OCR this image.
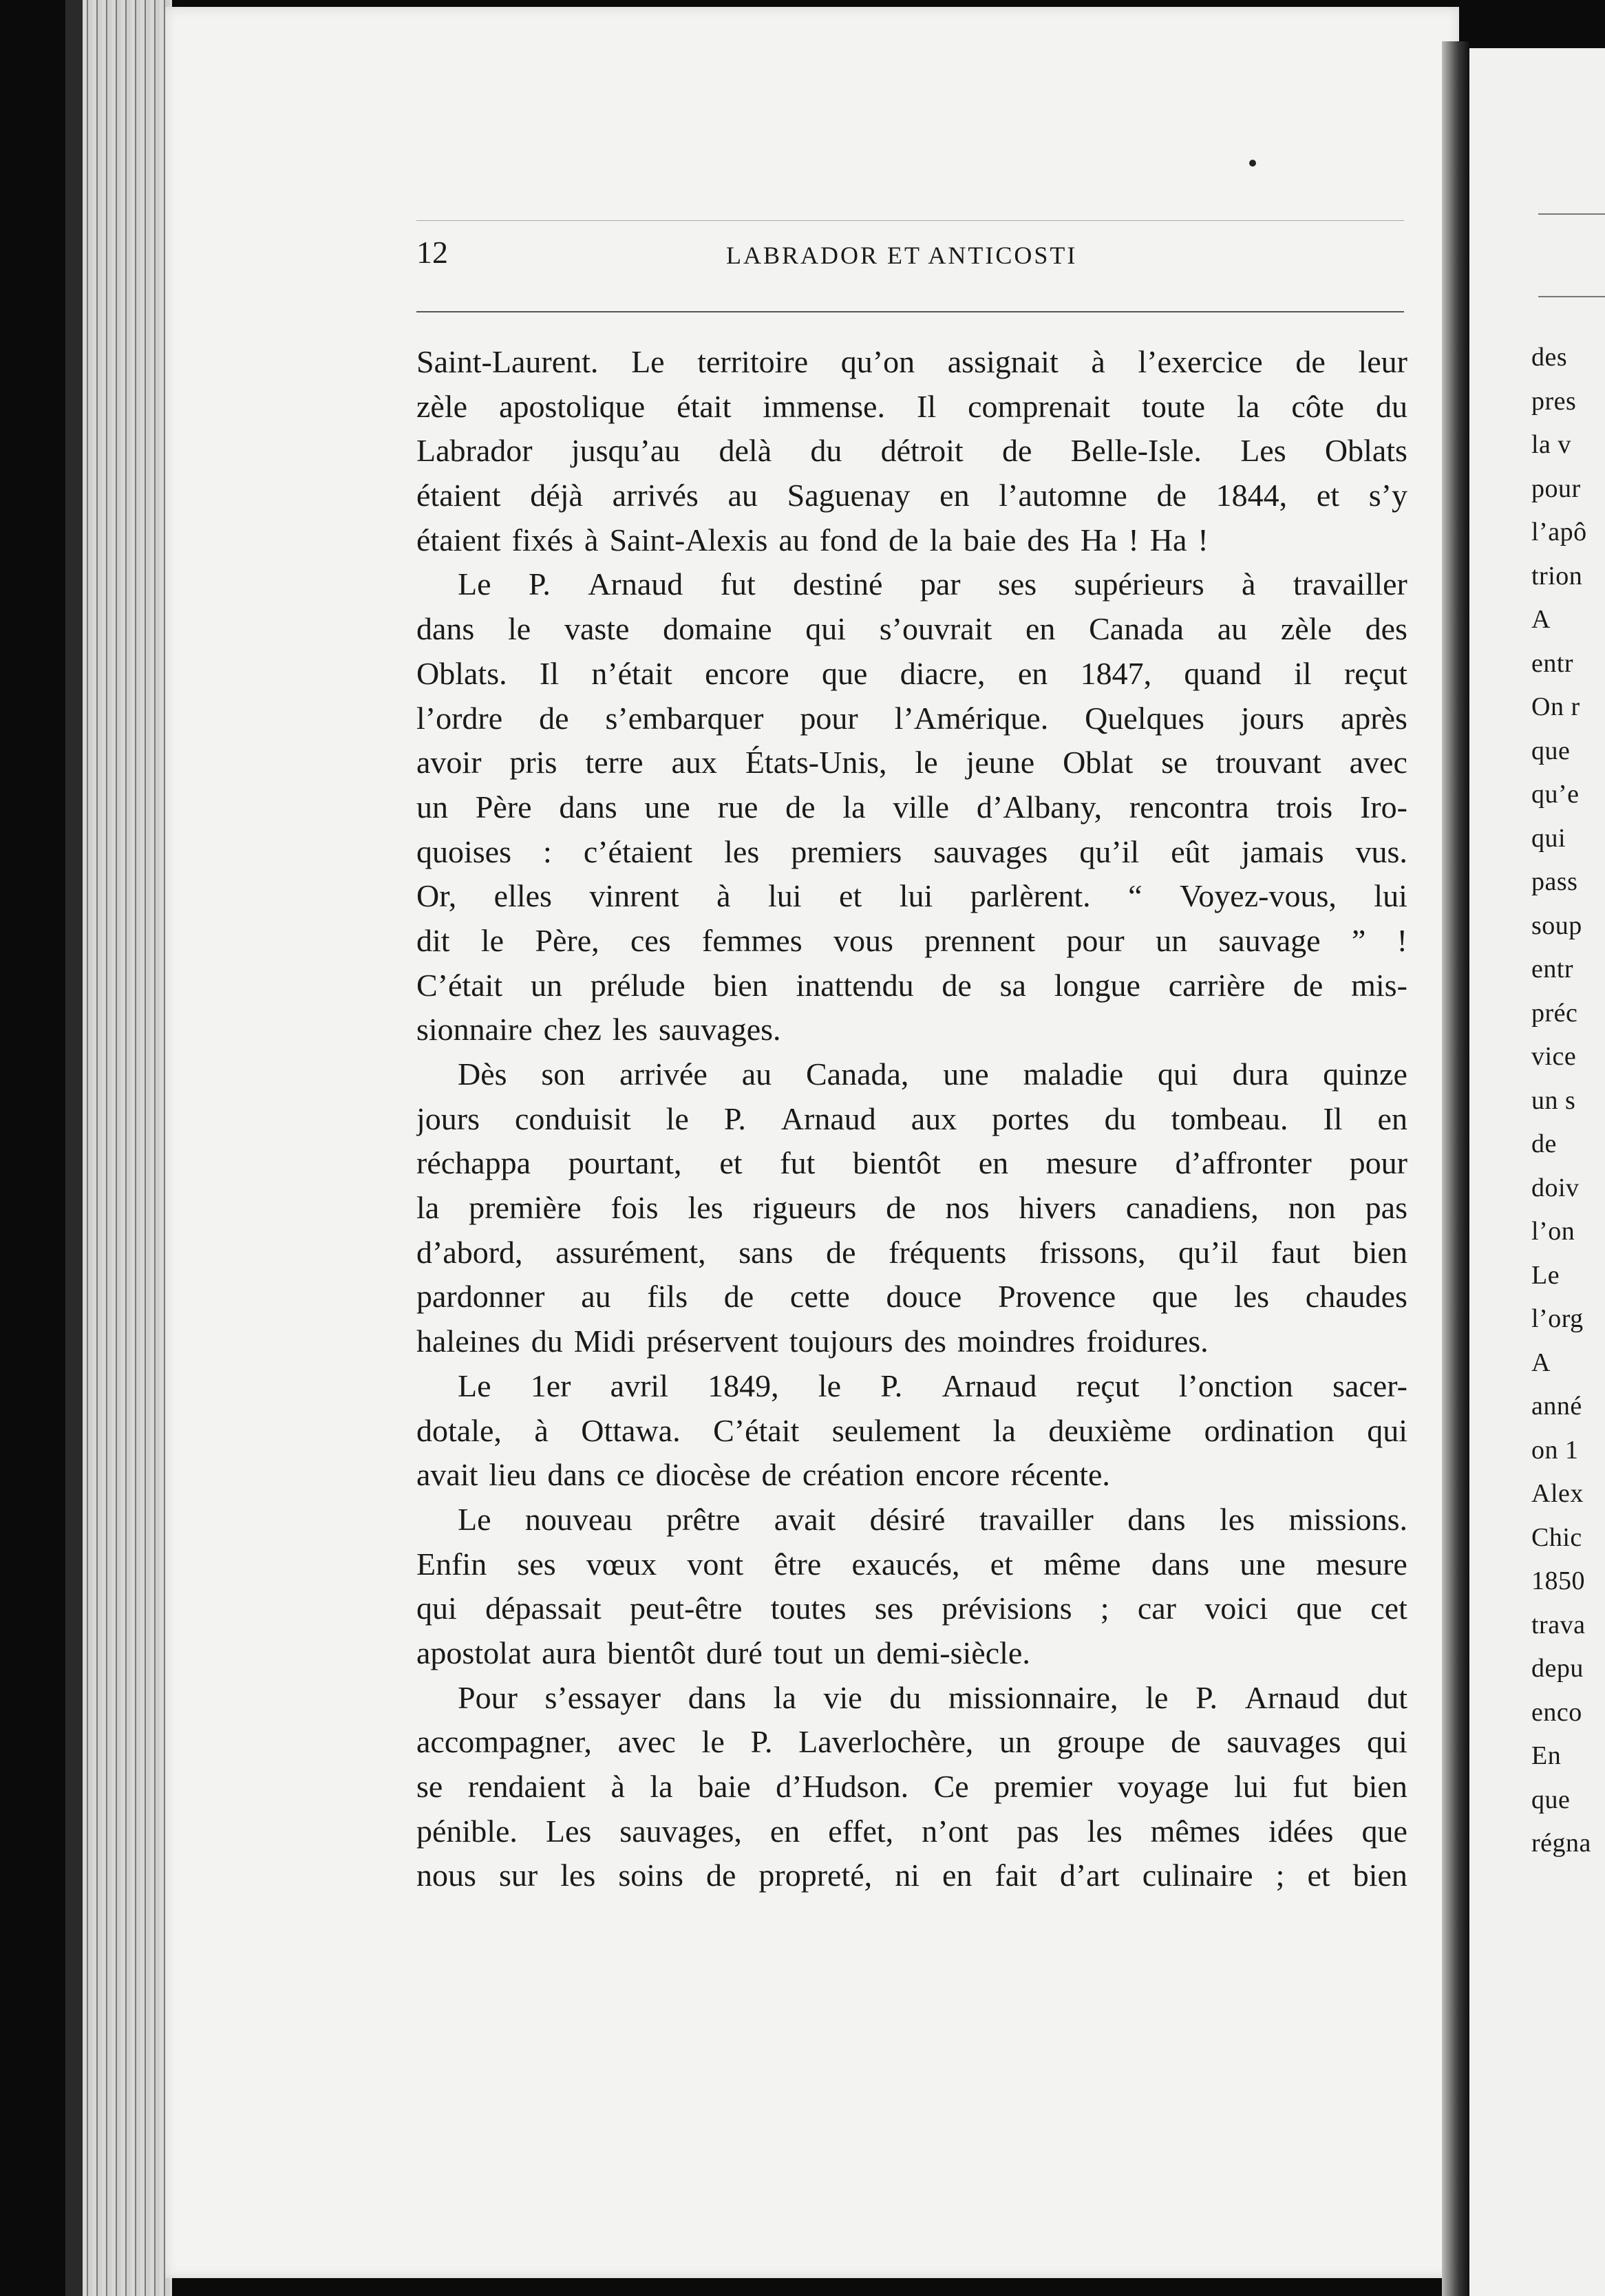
12	LABRADOR ET ANTICOSTI
Saint-Laurent. Le territoire qu’on assignait à l’exercice de leur
zèle apostolique était immense. Il comprenait toute la côte du
Labrador jusqu’au delà du détroit de Belle-Isle. Les Oblats
étaient déjà arrivés au Saguenay en l’automne de 1844, et s’y
étaient fixés à Saint-Alexis au fond de la baie des Ha ! Ha !
Le P. Arnaud fut destiné par ses supérieurs à travailler
dans le vaste domaine qui s’ouvrait en Canada au zèle des
Oblats. Il n’était encore que diacre, en 1847, quand il reçut
l’ordre de s’embarquer pour l’Amérique. Quelques jours après
avoir pris terre aux États-Unis, le jeune Oblat se trouvant avec
un Père dans une rue de la ville d’Albany, rencontra trois Iro-
quoises : c’étaient les premiers sauvages qu’il eût jamais vus.
Or, elles vinrent à lui et lui parlèrent. “ Voyez-vous, lui
dit le Père, ces femmes vous prennent pour un sauvage ” !
C’était un prélude bien inattendu de sa longue carrière de mis-
sionnaire chez les sauvages.
Dès son arrivée au Canada, une maladie qui dura quinze
jours conduisit le P. Arnaud aux portes du tombeau. Il en
réchappa pourtant, et fut bientôt en mesure d’affronter pour
la première fois les rigueurs de nos hivers canadiens, non pas
d’abord, assurément, sans de fréquents frissons, qu’il faut bien
pardonner au fils de cette douce Provence que les chaudes
haleines du Midi préservent toujours des moindres froidures.
Le 1er avril 1849, le P. Arnaud reçut l’onction sacer-
dotale, à Ottawa. C’était seulement la deuxième ordination qui
avait lieu dans ce diocèse de création encore récente.
Le nouveau prêtre avait désiré travailler dans les missions.
Enfin ses vœux vont être exaucés, et même dans une mesure
qui dépassait peut-être toutes ses prévisions ; car voici que cet
apostolat aura bientôt duré tout un demi-siècle.
Pour s’essayer dans la vie du missionnaire, le P. Arnaud dut
accompagner, avec le P. Laverlochère, un groupe de sauvages qui
se rendaient à la baie d’Hudson. Ce premier voyage lui fut bien
pénible. Les sauvages, en effet, n’ont pas les mêmes idées que
nous sur les soins de propreté, ni en fait d’art culinaire ; et bien
des
pres
la v
pour
l’apô
trion
A
entr
On r
que
qu’e
qui
pass
soup
entr
préc
vice
un s
de
doiv
l’on
Le
l’org
A
anné
on 1
Alex
Chic
1850
trava
depu
enco
En
que
régna
